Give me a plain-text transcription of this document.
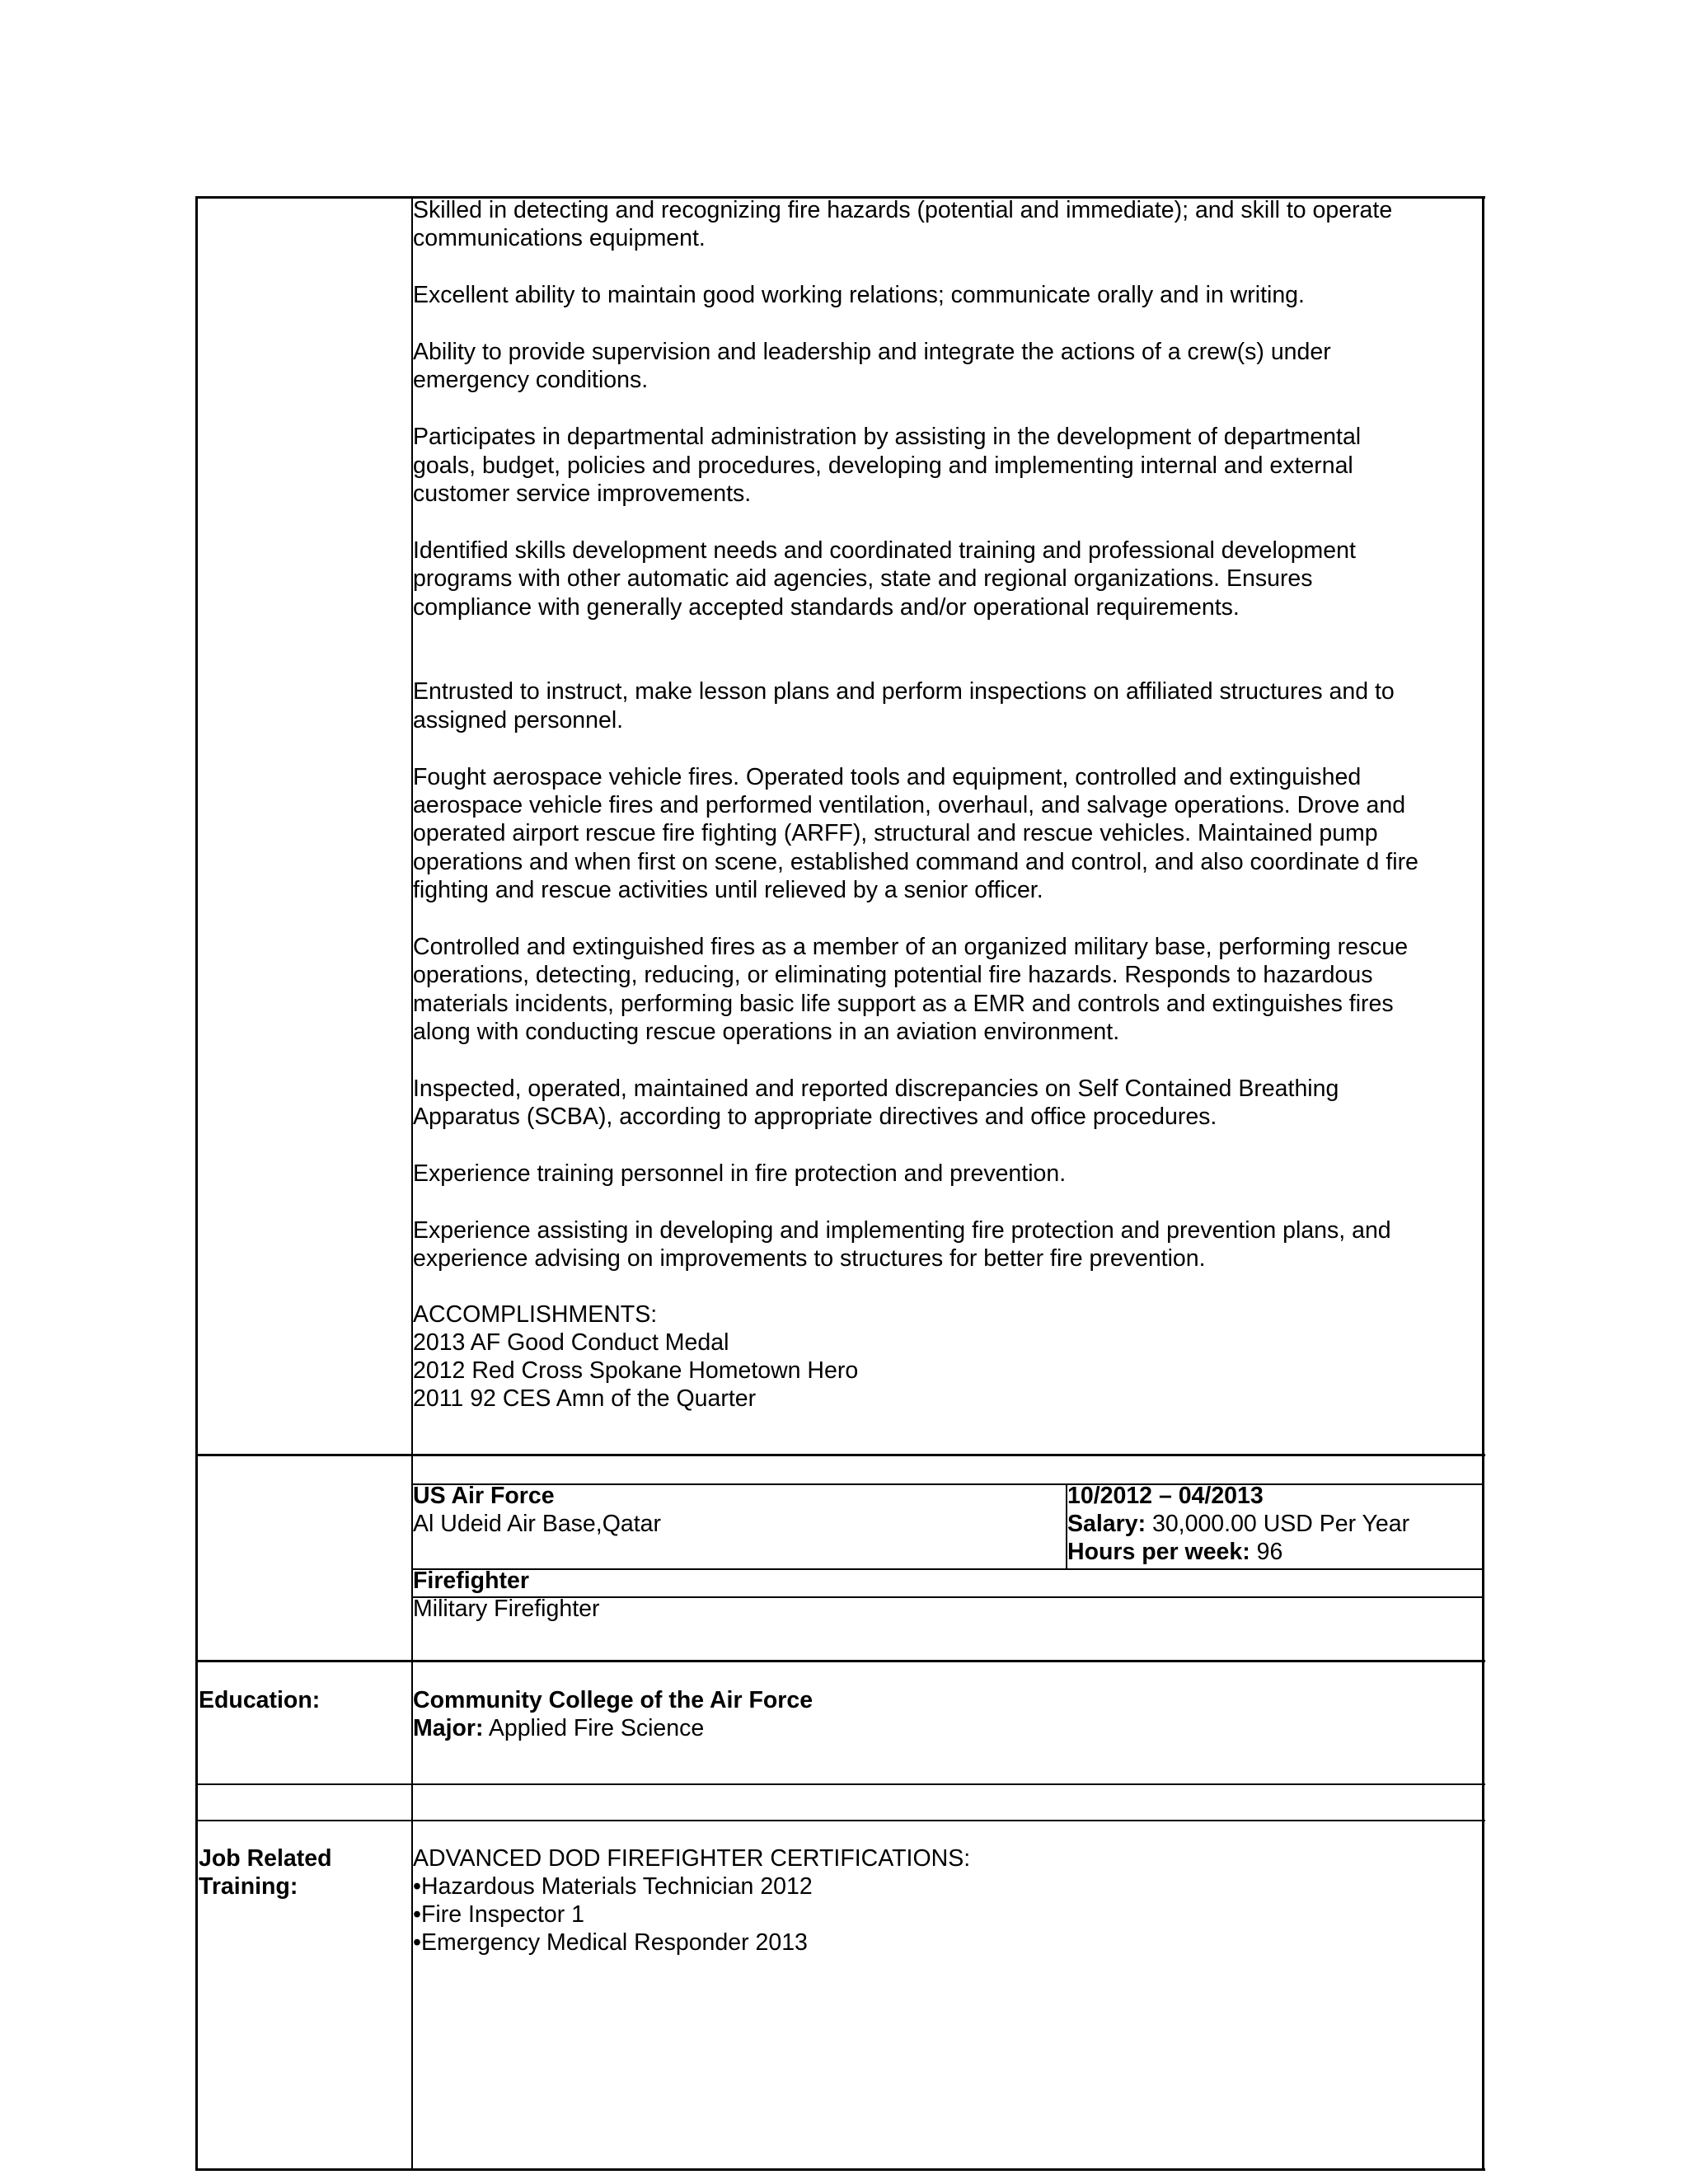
Skilled in detecting and recognizing fire hazards (potential and immediate); and skill to operate
communications equipment.
Excellent ability to maintain good working relations; communicate orally and in writing.
Ability to provide supervision and leadership and integrate the actions of a crew(s) under
emergency conditions.
Participates in departmental administration by assisting in the development of departmental
goals, budget, policies and procedures, developing and implementing internal and external
customer service improvements.
Identified skills development needs and coordinated training and professional development
programs with other automatic aid agencies, state and regional organizations. Ensures
compliance with generally accepted standards and/or operational requirements.
Entrusted to instruct, make lesson plans and perform inspections on affiliated structures and to
assigned personnel.
Fought aerospace vehicle fires. Operated tools and equipment, controlled and extinguished
aerospace vehicle fires and performed ventilation, overhaul, and salvage operations. Drove and
operated airport rescue fire fighting (ARFF), structural and rescue vehicles. Maintained pump
operations and when first on scene, established command and control, and also coordinate d fire
fighting and rescue activities until relieved by a senior officer.
Controlled and extinguished fires as a member of an organized military base, performing rescue
operations, detecting, reducing, or eliminating potential fire hazards. Responds to hazardous
materials incidents, performing basic life support as a EMR and controls and extinguishes fires
along with conducting rescue operations in an aviation environment.
Inspected, operated, maintained and reported discrepancies on Self Contained Breathing
Apparatus (SCBA), according to appropriate directives and office procedures.
Experience training personnel in fire protection and prevention.
Experience assisting in developing and implementing fire protection and prevention plans, and
experience advising on improvements to structures for better fire prevention.
ACCOMPLISHMENTS:
2013 AF Good Conduct Medal
2012 Red Cross Spokane Hometown Hero
2011 92 CES Amn of the Quarter
US Air Force
Al Udeid Air Base,Qatar
10/2012 – 04/2013
Salary: 30,000.00 USD Per Year
Hours per week: 96
Firefighter
Military Firefighter
Education:	Community College of the Air Force
Major: Applied Fire Science
Job Related
Training:
ADVANCED DOD FIREFIGHTER CERTIFICATIONS:
•Hazardous Materials Technician 2012
•Fire Inspector 1
•Emergency Medical Responder 2013
